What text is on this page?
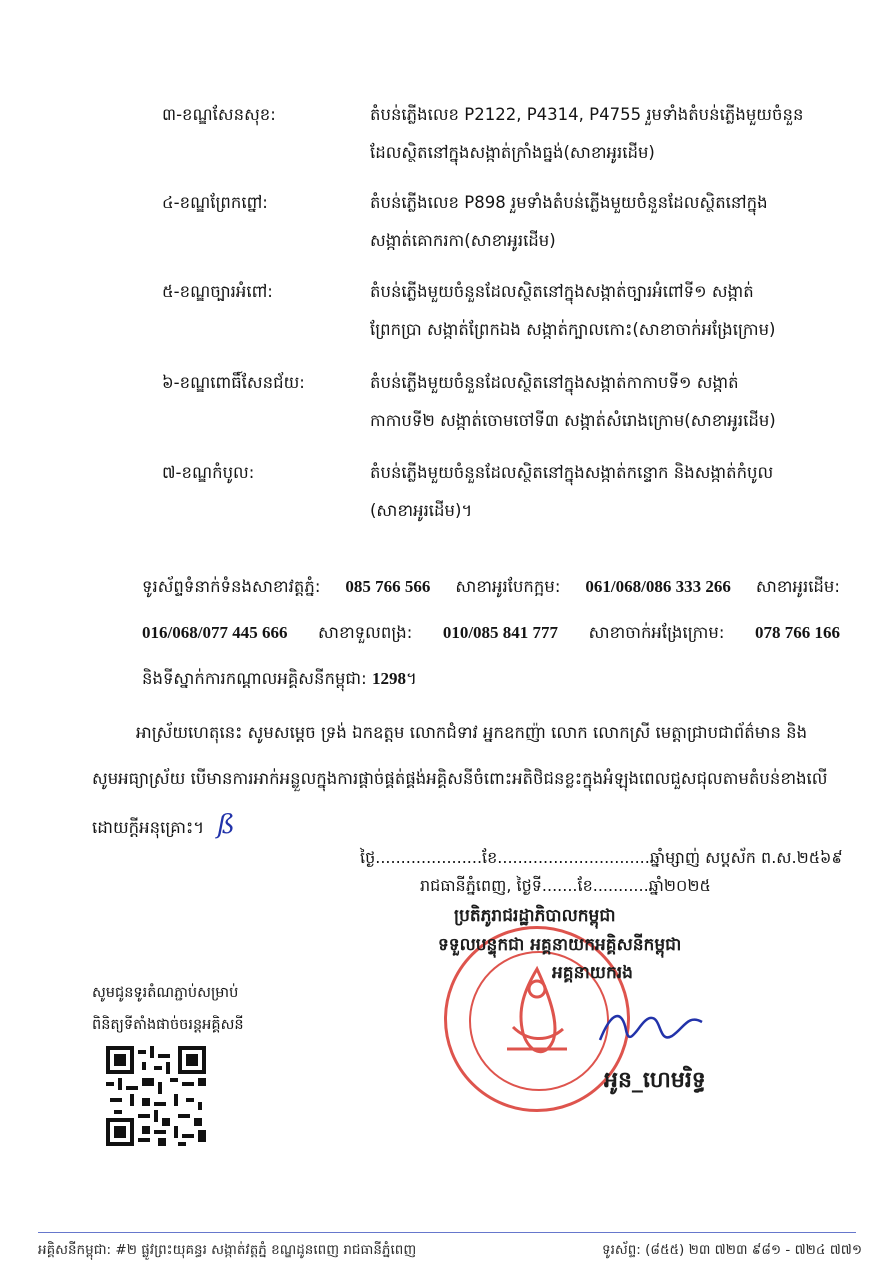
៣-ខណ្ឌសែនសុខ:	តំបន់ភ្លើងលេខ P2122, P4314, P4755 រួមទាំងតំបន់ភ្លើងមួយចំនួន
ដែលស្ថិតនៅក្នុងសង្កាត់ក្រាំងធ្នង់(សាខាអូរដើម)
៤-ខណ្ឌព្រែកព្នៅ:	តំបន់ភ្លើងលេខ P898 រួមទាំងតំបន់ភ្លើងមួយចំនួនដែលស្ថិតនៅក្នុង
សង្កាត់គោករកា(សាខាអូរដើម)
៥-ខណ្ឌច្បារអំពៅ:	តំបន់ភ្លើងមួយចំនួនដែលស្ថិតនៅក្នុងសង្កាត់ច្បារអំពៅទី១ សង្កាត់
ព្រែកប្រា សង្កាត់ព្រែកឯង សង្កាត់ក្បាលកោះ(សាខាចាក់អង្រែក្រោម)
៦-ខណ្ឌពោធិ៍សែនជ័យ:	តំបន់ភ្លើងមួយចំនួនដែលស្ថិតនៅក្នុងសង្កាត់កាកាបទី១ សង្កាត់
កាកាបទី២ សង្កាត់ចោមចៅទី៣ សង្កាត់សំរោងក្រោម(សាខាអូរដើម)
៧-ខណ្ឌកំបូល:	តំបន់ភ្លើងមួយចំនួនដែលស្ថិតនៅក្នុងសង្កាត់កន្ទោក និងសង្កាត់កំបូល
(សាខាអូរដើម)។
ទូរស័ព្ទទំនាក់ទំនងសាខាវត្តភ្នំ: 085 766 566 សាខាអូរបែកក្អម: 061/068/086 333 266 សាខាអូរដើម:
016/068/077 445 666 សាខាទួលពង្រ: 010/085 841 777 សាខាចាក់អង្រែក្រោម: 078 766 166
និងទីស្នាក់ការកណ្ដាលអគ្គិសនីកម្ពុជា: 1298។
អាស្រ័យហេតុនេះ សូមសម្ដេច ទ្រង់ ឯកឧត្តម លោកជំទាវ អ្នកឧកញ៉ា លោក លោកស្រី មេត្តាជ្រាបជាព័ត៌មាន និង
សូមអធ្យាស្រ័យ បើមានការអាក់អន្លួលក្នុងការផ្ដាច់ផ្គត់ផ្គង់អគ្គិសនីចំពោះអតិថិជនខ្លះក្នុងអំឡុងពេលជួសជុលតាមតំបន់ខាងលើ
ដោយក្ដីអនុគ្រោះ។ ß
ថ្ងៃ.....................ខែ..............................ឆ្នាំម្សាញ់ សប្តស័ក ព.ស.២៥៦៩
រាជធានីភ្នំពេញ, ថ្ងៃទី.......ខែ...........ឆ្នាំ២០២៥
ប្រតិភូរាជរដ្ឋាភិបាលកម្ពុជា
ទទួលបន្ទុកជា អគ្គនាយកអគ្គិសនីកម្ពុជា
អគ្គនាយករង
អូន_ហេមរិទ្ធ
សូមជូនទូរតំណភ្ជាប់សម្រាប់
ពិនិត្យទីតាំងផាច់ចរន្តអគ្គិសនី
អគ្គិសនីកម្ពុជា: #២ ផ្លូវព្រះយុគន្ធរ សង្កាត់វត្តភ្នំ ខណ្ឌដូនពេញ រាជធានីភ្នំពេញ	ទូរស័ព្ទ: (៨៥៥) ២៣ ៧២៣ ៩៨១ - ៧២៤ ៧៧១
